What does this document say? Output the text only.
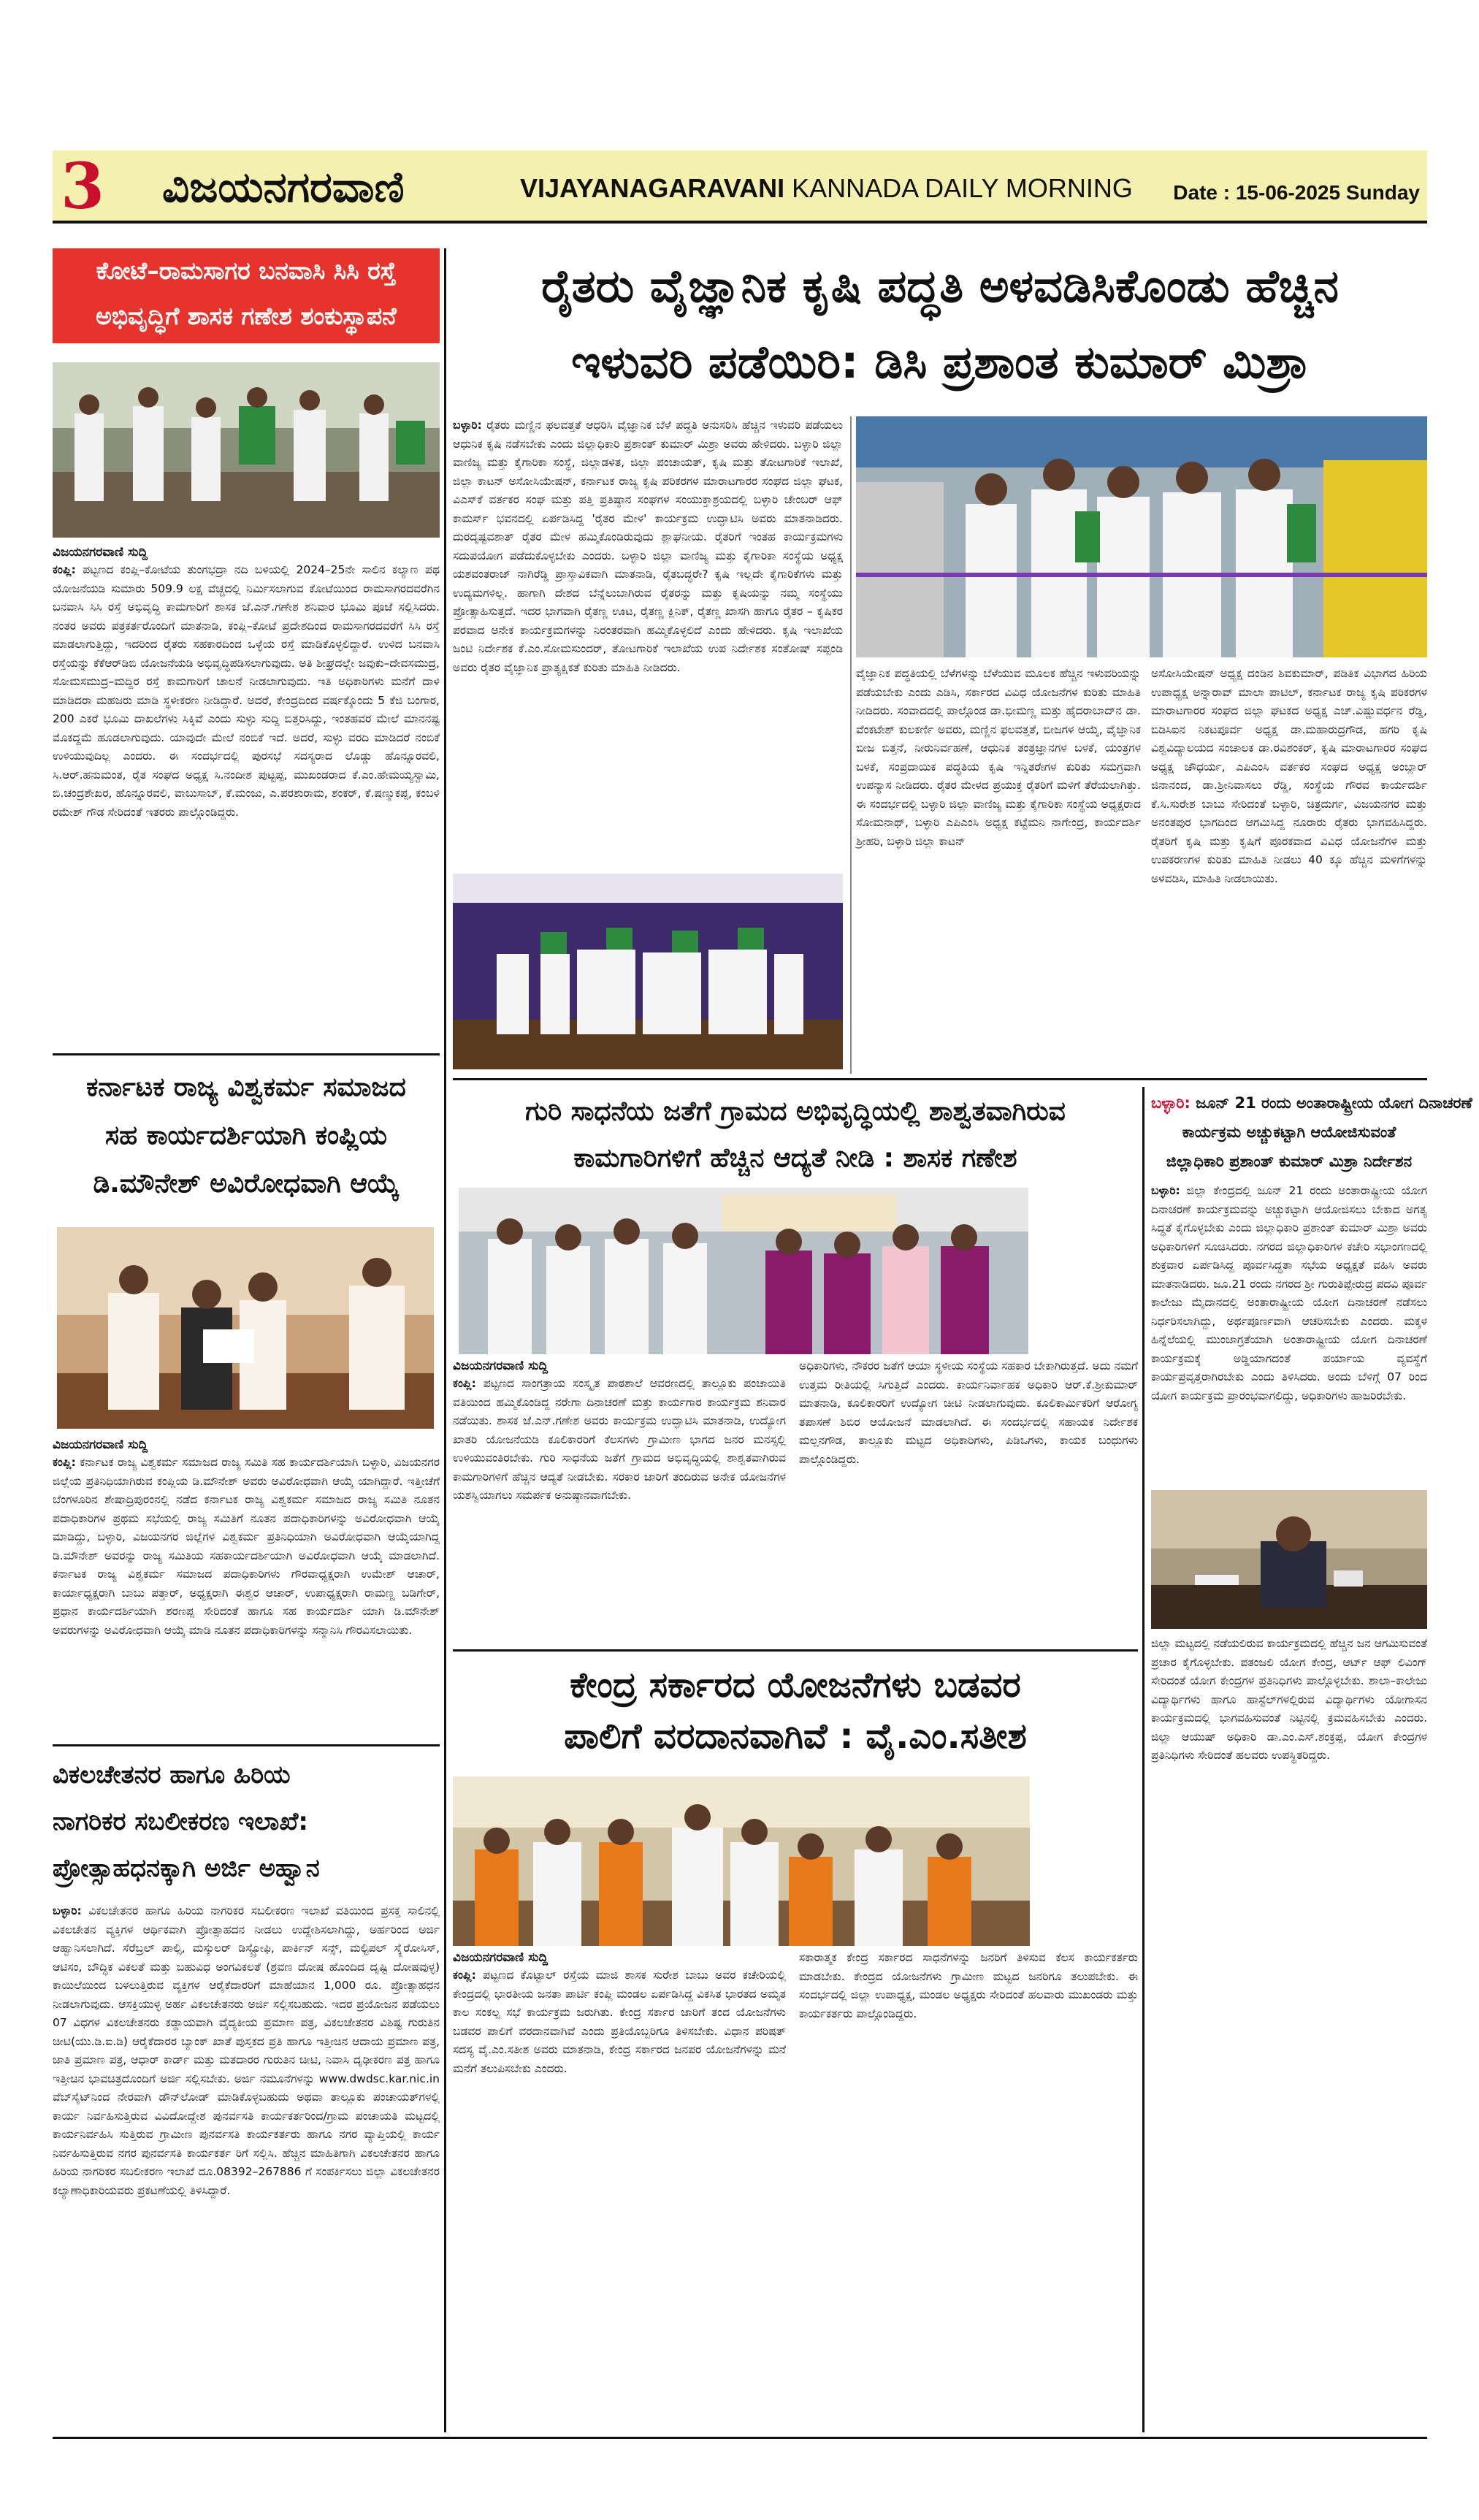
3 ವಿಜಯನಗರವಾಣಿ	VIJAYANAGARAVANI KANNADA DAILY MORNING Date : 15-06-2025 Sunday
ಕೋಟೆ–ರಾಮಸಾಗರ ಬನವಾಸಿ ಸಿಸಿ ರಸ್ತೆ
ಅಭಿವೃದ್ಧಿಗೆ ಶಾಸಕ ಗಣೇಶ ಶಂಕುಸ್ಥಾಪನೆ
ವಿಜಯನಗರವಾಣಿ ಸುದ್ದಿ
ಕಂಪ್ಲಿ: ಪಟ್ಟಣದ ಕಂಪ್ಲಿ–ಕೋಟೆಯ ತುಂಗಭದ್ರಾ ನದಿ ಬಳಿಯಲ್ಲಿ 2024–25ನೇ ಸಾಲಿನ ಕಲ್ಯಾಣ ಪಥ ಯೋಜನೆಯಡಿ ಸುಮಾರು 509.9 ಲಕ್ಷ ವೆಚ್ಚದಲ್ಲಿ ನಿರ್ಮಿಸಲಾಗುವ ಕೋಟೆಯಿಂದ ರಾಮಸಾಗರದವರೆಗಿನ ಬನವಾಸಿ ಸಿಸಿ ರಸ್ತೆ ಅಭಿವೃದ್ಧಿ ಕಾಮಗಾರಿಗೆ ಶಾಸಕ ಜೆ.ಎನ್.ಗಣೇಶ ಶನಿವಾರ ಭೂಮಿ ಪೂಜೆ ಸಲ್ಲಿಸಿದರು. ನಂತರ ಅವರು ಪತ್ರಕರ್ತರೊಂದಿಗೆ ಮಾತನಾಡಿ, ಕಂಪ್ಲಿ–ಕೋಟೆ ಪ್ರದೇಶದಿಂದ ರಾಮಸಾಗರದವರೆಗೆ ಸಿಸಿ ರಸ್ತೆ ಮಾಡಲಾಗುತ್ತಿದ್ದು, ಇದರಿಂದ ರೈತರು ಸಹಕಾರದಿಂದ ಒಳ್ಳೆಯ ರಸ್ತೆ ಮಾಡಿಕೊಳ್ಳಲಿದ್ದಾರೆ. ಉಳಿದ ಬನವಾಸಿ ರಸ್ತೆಯನ್ನು ಕೆಕೆಆರ್‌ಡಿಬಿ ಯೋಜನೆಯಡಿ ಅಭಿವೃದ್ಧಿಪಡಿಸಲಾಗುವುದು. ಅತಿ ಶೀಘ್ರದಲ್ಲೇ ಜವುಕು–ದೇವಸಮುದ್ರ, ಸೋಮಸಮುದ್ರ–ಮದ್ದಿರ ರಸ್ತೆ ಕಾಮಗಾರಿಗೆ ಚಾಲನೆ ನೀಡಲಾಗುವುದು. ಇತಿ ಅಧಿಕಾರಿಗಳು ಮನೆಗೆ ದಾಳಿ ಮಾಡಿದರಾ ಮಹಜರು ಮಾಡಿ ಸ್ಥಳೀಕರಣ ನೀಡಿದ್ದಾರೆ. ಅದರೆ, ಕೇಂದ್ರದಿಂದ ವರ್ಷಕ್ಕೊಂದು 5 ಕೆಜಿ ಬಂಗಾರ, 200 ಎಕರೆ ಭೂಮಿ ದಾಖಲೆಗಳು ಸಿಕ್ಕಿವೆ ಎಂದು ಸುಳ್ಳು ಸುದ್ದಿ ಬಿತ್ತರಿಸಿದ್ದು, ಇಂತಹವರ ಮೇಲೆ ಮಾನನಷ್ಟ ಮೊಕದ್ದಮೆ ಹೂಡಲಾಗುವುದು. ಯಾವುದೇ ಮೇಲೆ ನಂಬಿಕೆ ಇದೆ. ಅದರೆ, ಸುಳ್ಳು ವರದಿ ಮಾಡಿದರೆ ನಂಬಿಕೆ ಉಳಿಯುವುದಿಲ್ಲ ಎಂದರು. ಈ ಸಂದರ್ಭದಲ್ಲಿ ಪುರಸಭೆ ಸದಸ್ಯರಾದ ಲೊಡ್ಡು ಹೊನ್ನೂರವಲಿ, ಸಿ.ಆರ್.ಹನುಮಂತ, ರೈತ ಸಂಘದ ಅಧ್ಯಕ್ಷ ಸಿ.ನಂದೀಶ ಪುಟ್ಟಪ್ಪ, ಮುಖಂಡರಾದ ಕೆ.ಎಂ.ಹೇಮಯ್ಯಸ್ವಾಮಿ, ಬಿ.ಚಂದ್ರಶೇಖರ, ಹೊನ್ನೂರವಲಿ, ವಾಬುಸಾಬ್, ಕೆ.ಮಂಜು, ಎ.ಪರಶುರಾಮ, ಶಂಕರ್, ಕೆ.ಷಣ್ಮುಕಪ್ಪ, ಕಂಬಳಿ ರಮೇಶ್ ಗೌಡ ಸೇರಿದಂತೆ ಇತರರು ಪಾಲ್ಗೊಂಡಿದ್ದರು.
ಕರ್ನಾಟಕ ರಾಜ್ಯ ವಿಶ್ವಕರ್ಮ ಸಮಾಜದ
ಸಹ ಕಾರ್ಯದರ್ಶಿಯಾಗಿ ಕಂಪ್ಲಿಯ
ಡಿ.ಮೌನೇಶ್ ಅವಿರೋಧವಾಗಿ ಆಯ್ಕೆ
ವಿಜಯನಗರವಾಣಿ ಸುದ್ದಿ
ಕಂಪ್ಲಿ: ಕರ್ನಾಟಕ ರಾಜ್ಯ ವಿಶ್ವಕರ್ಮ ಸಮಾಜದ ರಾಜ್ಯ ಸಮಿತಿ ಸಹ ಕಾರ್ಯದರ್ಶಿಯಾಗಿ ಬಳ್ಳಾರಿ, ವಿಜಯನಗರ ಜಿಲ್ಲೆಯ ಪ್ರತಿನಿಧಿಯಾಗಿರುವ ಕಂಪ್ಲಿಯ ಡಿ.ಮೌನೇಶ್ ಅವರು ಅವಿರೋಧವಾಗಿ ಆಯ್ಕೆ ಯಾಗಿದ್ದಾರೆ. ಇತ್ತೀಚೆಗೆ ಬೆಂಗಳೂರಿನ ಶೇಷಾದ್ರಿಪುರಂನಲ್ಲಿ ನಡೆದ ಕರ್ನಾಟಕ ರಾಜ್ಯ ವಿಶ್ವಕರ್ಮ ಸಮಾಜದ ರಾಜ್ಯ ಸಮಿತಿ ನೂತನ ಪದಾಧಿಕಾರಿಗಳ ಪ್ರಥಮ ಸಭೆಯಲ್ಲಿ ರಾಜ್ಯ ಸಮಿತಿಗೆ ನೂತನ ಪದಾಧಿಕಾರಿಗಳನ್ನು ಅವಿರೋಧವಾಗಿ ಆಯ್ಕೆ ಮಾಡಿದ್ದು, ಬಳ್ಳಾರಿ, ವಿಜಯನಗರ ಜಿಲ್ಲೆಗಳ ವಿಶ್ವಕರ್ಮ ಪ್ರತಿನಿಧಿಯಾಗಿ ಅವಿರೋಧವಾಗಿ ಆಯ್ಕೆಯಾಗಿದ್ದ ಡಿ.ಮೌನೇಶ್ ಅವರನ್ನು ರಾಜ್ಯ ಸಮಿತಿಯ ಸಹಕಾರ್ಯದರ್ಶಿಯಾಗಿ ಅವಿರೋಧವಾಗಿ ಆಯ್ಕೆ ಮಾಡಲಾಗಿದೆ. ಕರ್ನಾಟಕ ರಾಜ್ಯ ವಿಶ್ವಕರ್ಮ ಸಮಾಜದ ಪದಾಧಿಕಾರಿಗಳು ಗೌರವಾಧ್ಯಕ್ಷರಾಗಿ ಉಮೇಶ್ ಆಚಾರ್, ಕಾರ್ಯಾಧ್ಯಕ್ಷರಾಗಿ ಬಾಬು ಪತ್ತಾರ್, ಅಧ್ಯಕ್ಷರಾಗಿ ಈಶ್ವರ ಆಚಾರ್, ಉಪಾಧ್ಯಕ್ಷರಾಗಿ ರಾಮಣ್ಣ ಬಡಿಗೇರ್, ಪ್ರಧಾನ ಕಾರ್ಯದರ್ಶಿಯಾಗಿ ಶರಣಪ್ಪ ಸೇರಿದಂತೆ ಹಾಗೂ ಸಹ ಕಾರ್ಯದರ್ಶಿ ಯಾಗಿ ಡಿ.ಮೌನೇಶ್ ಅವರುಗಳನ್ನು ಅವಿರೋಧವಾಗಿ ಆಯ್ಕೆ ಮಾಡಿ ನೂತನ ಪದಾಧಿಕಾರಿಗಳನ್ನು ಸನ್ಮಾನಿಸಿ ಗೌರವಿಸಲಾಯಿತು.
ವಿಕಲಚೇತನರ ಹಾಗೂ ಹಿರಿಯ
ನಾಗರಿಕರ ಸಬಲೀಕರಣ ಇಲಾಖೆ:
ಪ್ರೋತ್ಸಾಹಧನಕ್ಕಾಗಿ ಅರ್ಜಿ ಅಹ್ವಾನ
ಬಳ್ಳಾರಿ: ವಿಕಲಚೇತನರ ಹಾಗೂ ಹಿರಿಯ ನಾಗರಿಕರ ಸಬಲೀಕರಣ ಇಲಾಖೆ ವತಿಯಿಂದ ಪ್ರಸಕ್ತ ಸಾಲಿನಲ್ಲಿ ವಿಕಲಚೇತನ ವ್ಯಕ್ತಿಗಳ ಆರ್ಥಿಕವಾಗಿ ಪ್ರೋತ್ಸಾಹದನ ನೀಡಲು ಉದ್ದೇಶಿಸಲಾಗಿದ್ದು, ಅರ್ಹರಿಂದ ಅರ್ಜಿ ಆಹ್ವಾನಿಸಲಾಗಿದೆ. ಸೆರೆಬ್ರಲ್ ಪಾಲ್ಸಿ, ಮಸ್ಕುಲರ್ ಡಿಸ್ಟ್ರೋಫಿ, ಪಾರ್ಕಿನ್ ಸನ್ಸ್, ಮಲ್ಟಿಪಲ್ ಸ್ಕ್ಲೆರೋಸಿಸ್, ಆಟಿಸಂ, ಬೌದ್ಧಿಕ ವಿಕಲತೆ ಮತ್ತು ಬಹುವಿಧ ಅಂಗವಿಕಲತೆ (ಶ್ರವಣ ದೋಷ ಹೊಂದಿದ ದೃಷ್ಟಿ ದೋಷವುಳ್ಳ) ಕಾಯಿಲೆಯಿಂದ ಬಳಲುತ್ತಿರುವ ವ್ಯಕ್ತಿಗಳ ಆರೈಕೆದಾರರಿಗೆ ಮಾಹೆಯಾನ 1,000 ರೂ. ಪ್ರೋತ್ಸಾಹಧನ ನೀಡಲಾಗುವುದು. ಆಸಕ್ತಿಯುಳ್ಳ ಅರ್ಹ ವಿಕಲಚೇತನರು ಅರ್ಜಿ ಸಲ್ಲಿಸಬಹುದು. ಇದರ ಪ್ರಯೋಜನ ಪಡೆಯಲು 07 ವಿಧಗಳ ವಿಕಲಚೇತನರು ಕಡ್ಡಾಯವಾಗಿ ವೈದ್ಯಕೀಯ ಪ್ರಮಾಣ ಪತ್ರ, ವಿಕಲಚೇತನರ ವಿಶಿಷ್ಟ ಗುರುತಿನ ಚೀಟಿ(ಯು.ಡಿ.ಐ.ಡಿ) ಆರೈಕೆದಾರರ ಬ್ಯಾಂಕ್ ಖಾತೆ ಪುಸ್ತಕದ ಪ್ರತಿ ಹಾಗೂ ಇತ್ತೀಚಿನ ಆದಾಯ ಪ್ರಮಾಣ ಪತ್ರ, ಜಾತಿ ಪ್ರಮಾಣ ಪತ್ರ, ಆಧಾರ್ ಕಾರ್ಡ್ ಮತ್ತು ಮತದಾರರ ಗುರುತಿನ ಚೀಟಿ, ನಿವಾಸಿ ದೃಢೀಕರಣ ಪತ್ರ ಹಾಗೂ ಇತ್ತೀಚಿನ ಭಾವಚಿತ್ರದೊಂದಿಗೆ ಅರ್ಜಿ ಸಲ್ಲಿಸಬೇಕು. ಅರ್ಜಿ ನಮೂನೆಗಳನ್ನು www.dwdsc.kar.nic.in ವೆಬ್‌ಸೈಟ್‌ನಿಂದ ನೇರವಾಗಿ ಡೌನ್‌ಲೋಡ್ ಮಾಡಿಕೊಳ್ಳಬಹುದು ಅಥವಾ ತಾಲ್ಲೂಕು ಪಂಚಾಯತ್‌ಗಳಲ್ಲಿ ಕಾರ್ಯ ನಿರ್ವಹಿಸುತ್ತಿರುವ ವಿವಿದೋದ್ದೇಶ ಪುನರ್ವಸತಿ ಕಾರ್ಯಕರ್ತರಿಂದ/ಗ್ರಾಮ ಪಂಚಾಯತಿ ಮಟ್ಟದಲ್ಲಿ ಕಾರ್ಯನಿರ್ವಹಿಸಿ ಸುತ್ತಿರುವ ಗ್ರಾಮೀಣ ಪುನರ್ವಸತಿ ಕಾರ್ಯಕರ್ತರು ಹಾಗೂ ನಗರ ವ್ಯಾಪ್ತಿಯಲ್ಲಿ ಕಾರ್ಯ ನಿರ್ವಹಿಸುತ್ತಿರುವ ನಗರ ಪುನರ್ವಸತಿ ಕಾರ್ಯಕರ್ತ ರಿಗೆ ಸಲ್ಲಿಸಿ. ಹೆಚ್ಚಿನ ಮಾಹಿತಿಗಾಗಿ ವಿಕಲಚೇತನರ ಹಾಗೂ ಹಿರಿಯ ನಾಗರಿಕರ ಸಬಲೀಕರಣ ಇಲಾಖೆ ದೂ.08392–267886 ಗೆ ಸಂಪರ್ಕಿಸಲು ಜಿಲ್ಲಾ ವಿಕಲಚೇತನರ ಕಲ್ಯಾಣಾಧಿಕಾರಿಯವರು ಪ್ರಕಟಣೆಯಲ್ಲಿ ತಿಳಿಸಿದ್ದಾರೆ.
ರೈತರು ವೈಜ್ಞಾನಿಕ ಕೃಷಿ ಪದ್ಧತಿ ಅಳವಡಿಸಿಕೊಂಡು ಹೆಚ್ಚಿನ
ಇಳುವರಿ ಪಡೆಯಿರಿ: ಡಿಸಿ ಪ್ರಶಾಂತ ಕುಮಾರ್ ಮಿಶ್ರಾ
ಬಳ್ಳಾರಿ: ರೈತರು ಮಣ್ಣಿನ ಫಲವತ್ತತೆ ಆಧರಿಸಿ ವೈಜ್ಞಾನಿಕ ಬೆಳೆ ಪದ್ಧತಿ ಅನುಸರಿಸಿ ಹೆಚ್ಚಿನ ಇಳುವರಿ ಪಡೆಯಲು ಆಧುನಿಕ ಕೃಷಿ ನಡೆಸಬೇಕು ಎಂದು ಜಿಲ್ಲಾಧಿಕಾರಿ ಪ್ರಶಾಂತ್ ಕುಮಾರ್ ಮಿಶ್ರಾ ಅವರು ಹೇಳಿದರು. ಬಳ್ಳಾರಿ ಜಿಲ್ಲಾ ವಾಣಿಜ್ಯ ಮತ್ತು ಕೈಗಾರಿಕಾ ಸಂಸ್ಥೆ, ಜಿಲ್ಲಾಡಳಿತ, ಜಿಲ್ಲಾ ಪಂಚಾಯತ್, ಕೃಷಿ ಮತ್ತು ತೋಟಗಾರಿಕೆ ಇಲಾಖೆ, ಜಿಲ್ಲಾ ಕಾಟನ್ ಅಸೋಸಿಯೇಷನ್, ಕರ್ನಾಟಕ ರಾಜ್ಯ ಕೃಷಿ ಪರಿಕರಗಳ ಮಾರಾಟಗಾರರ ಸಂಘದ ಜಿಲ್ಲಾ ಘಟಕ, ವಿಎಸ್‌ಕೆ ವರ್ತಕರ ಸಂಘ ಮತ್ತು ಪತ್ತಿ ಪ್ರತಿಷ್ಠಾನ ಸಂಘಗಳ ಸಂಯುಕ್ತಾಶ್ರಯದಲ್ಲಿ ಬಳ್ಳಾರಿ ಚೇಂಬರ್ ಆಫ್ ಕಾಮರ್ಸ್ ಭವನದಲ್ಲಿ ಏರ್ಪಡಿಸಿದ್ದ 'ರೈತರ ಮೇಳ' ಕಾರ್ಯಕ್ರಮ ಉದ್ಘಾಟಿಸಿ ಅವರು ಮಾತನಾಡಿದರು. ದುರದೃಷ್ಟವಶಾತ್ ರೈತರ ಮೇಳ ಹಮ್ಮಿಕೊಂಡಿರುವುದು ಶ್ಲಾಘನೀಯ. ರೈತರಿಗೆ ಇಂತಹ ಕಾರ್ಯಕ್ರಮಗಳು ಸದುಪಯೋಗ ಪಡೆದುಕೊಳ್ಳಬೇಕು ಎಂದರು. ಬಳ್ಳಾರಿ ಜಿಲ್ಲಾ ವಾಣಿಜ್ಯ ಮತ್ತು ಕೈಗಾರಿಕಾ ಸಂಸ್ಥೆಯ ಅಧ್ಯಕ್ಷ ಯಶವಂತರಾಜ್ ನಾಗಿರೆಡ್ಡಿ ಪ್ರಾಸ್ತಾವಿಕವಾಗಿ ಮಾತನಾಡಿ, ರೈತಬದ್ಧರೇ? ಕೃಷಿ ಇಲ್ಲದೇ ಕೈಗಾರಿಕೆಗಳು ಮತ್ತು ಉದ್ಯಮಗಳಿಲ್ಲ. ಹಾಗಾಗಿ ದೇಶದ ಬೆನ್ನೆಲುಬಾಗಿರುವ ರೈತರನ್ನು ಮತ್ತು ಕೃಷಿಯನ್ನು ನಮ್ಮ ಸಂಸ್ಥೆಯು ಪ್ರೋತ್ಸಾಹಿಸುತ್ತದೆ. ಇದರ ಭಾಗವಾಗಿ ರೈತಣ್ಣ ಊಟ, ರೈತಣ್ಣ ಕ್ಲಿನಿಕ್, ರೈತಣ್ಣ ಖಾಸಗಿ ಹಾಗೂ ರೈತರ – ಕೃಷಿಕರ ಪರವಾದ ಅನೇಕ ಕಾರ್ಯಕ್ರಮಗಳನ್ನು ನಿರಂತರವಾಗಿ ಹಮ್ಮಿಕೊಳ್ಳಲಿದೆ ಎಂದು ಹೇಳಿದರು. ಕೃಷಿ ಇಲಾಖೆಯ ಜಂಟಿ ನಿರ್ದೇಶಕ ಕೆ.ಎಂ.ಸೋಮಸುಂದರ್, ತೋಟಗಾರಿಕೆ ಇಲಾಖೆಯ ಉಪ ನಿರ್ದೇಶಕ ಸಂತೋಷ್ ಸಪ್ಪಂಡಿ ಅವರು ರೈತರ ವೈಜ್ಞಾನಿಕ ಪ್ರಾತ್ಯಕ್ಷಿಕತೆ ಕುರಿತು ಮಾಹಿತಿ ನೀಡಿದರು.	ವೈಜ್ಞಾನಿಕ ಪದ್ಧತಿಯಲ್ಲಿ ಬೆಳೆಗಳನ್ನು ಬೆಳೆಯುವ ಮೂಲಕ ಹೆಚ್ಚಿನ ಇಳುವರಿಯನ್ನು ಪಡೆಯಬೇಕು ಎಂದು ಎಡಿಸಿ, ಸರ್ಕಾರದ ವಿವಿಧ ಯೋಜನೆಗಳ ಕುರಿತು ಮಾಹಿತಿ ನೀಡಿದರು. ಸಂವಾದದಲ್ಲಿ ಪಾಲ್ಗೊಂಡ ಡಾ.ಭೀಮಣ್ಣ ಮತ್ತು ಹೈದರಾಬಾದ್‌ನ ಡಾ. ವೆಂಕಟೇಶ್ ಕುಲಕರ್ಣಿ ಅವರು, ಮಣ್ಣಿನ ಫಲವತ್ತತೆ, ಬೀಜಗಳ ಆಯ್ಕೆ, ವೈಜ್ಞಾನಿಕ ಬೀಜ ಬಿತ್ತನೆ, ನೀರುನಿರ್ವಹಣೆ, ಆಧುನಿಕ ತಂತ್ರಜ್ಞಾನಗಳ ಬಳಕೆ, ಯಂತ್ರಗಳ ಬಳಕೆ, ಸಂಪ್ರದಾಯಿಕ ಪದ್ಧತಿಯ ಕೃಷಿ ಇನ್ನಿತರೇಗಳ ಕುರಿತು ಸಮಗ್ರವಾಗಿ ಉಪನ್ಯಾಸ ನೀಡಿದರು. ರೈತರ ಮೇಳದ ಪ್ರಯುಕ್ತ ರೈತರಿಗೆ ಮಳಿಗೆ ತೆರೆಯಲಾಗಿತ್ತು. ಈ ಸಂದರ್ಭದಲ್ಲಿ ಬಳ್ಳಾರಿ ಜಿಲ್ಲಾ ವಾಣಿಜ್ಯ ಮತ್ತು ಕೈಗಾರಿಕಾ ಸಂಸ್ಥೆಯ ಅಧ್ಯಕ್ಷರಾದ ಸೋಮನಾಥ್, ಬಳ್ಳಾರಿ ಎಪಿಎಂಸಿ ಅಧ್ಯಕ್ಷ ಕಟ್ಟೆಮನಿ ನಾಗೇಂದ್ರ, ಕಾರ್ಯದರ್ಶಿ ಶ್ರೀಹರಿ, ಬಳ್ಳಾರಿ ಜಿಲ್ಲಾ ಕಾಟನ್
ಅಸೋಸಿಯೇಷನ್ ಅಧ್ಯಕ್ಷ ದಂಡಿನ ಶಿವಕುಮಾರ್, ಪಡಿತಿಕ ವಿಭಾಗದ ಹಿರಿಯ ಉಪಾಧ್ಯಕ್ಷ ಅನ್ನಾರಾವ್ ಮಾಲಾ ಪಾಟಿಲ್, ಕರ್ನಾಟಕ ರಾಜ್ಯ ಕೃಷಿ ಪರಿಕರಗಳ ಮಾರಾಟಗಾರರ ಸಂಘದ ಜಿಲ್ಲಾ ಘಟಕದ ಅಧ್ಯಕ್ಷ ಎಚ್.ವಿಷ್ಣುವರ್ಧನ ರೆಡ್ಡಿ, ಬಿಡಿಸಿಐನ ನಿಕಟಪೂರ್ವ ಅಧ್ಯಕ್ಷ ಡಾ.ಮಹಾರುದ್ರಗೌಡ, ಹಗರಿ ಕೃಷಿ ವಿಶ್ವವಿದ್ಯಾಲಯದ ಸಂಚಾಲಕ ಡಾ.ರವಿಶಂಕರ್, ಕೃಷಿ ಮಾರಾಟಗಾರರ ಸಂಘದ ಅಧ್ಯಕ್ಷ ಚೌಧರ್ಯ, ಎಪಿಎಂಸಿ ವರ್ತಕರ ಸಂಘದ ಅಧ್ಯಕ್ಷ ಅಂಬ್ಲಾರ್ ಜಿನಾನಂದ, ಡಾ.ಶ್ರೀನಿವಾಸಲು ರೆಡ್ಡಿ, ಸಂಸ್ಥೆಯ ಗೌರವ ಕಾರ್ಯದರ್ಶಿ ಕೆ.ಸಿ.ಸುರೇಶ ಬಾಬು ಸೇರಿದಂತೆ ಬಳ್ಳಾರಿ, ಚಿತ್ರದುರ್ಗ, ವಿಜಯನಗರ ಮತ್ತು ಅನಂತಪುರ ಭಾಗದಿಂದ ಆಗಮಿಸಿದ್ದ ನೂರಾರು ರೈತರು ಭಾಗವಹಿಸಿದ್ದರು. ರೈತರಿಗೆ ಕೃಷಿ ಮತ್ತು ಕೃಷಿಗೆ ಪೂರಕವಾದ ವಿವಿಧ ಯೋಜನೆಗಳ ಮತ್ತು ಉಪಕರಣಗಳ ಕುರಿತು ಮಾಹಿತಿ ನೀಡಲು 40 ಕ್ಕೂ ಹೆಚ್ಚಿನ ಮಳಿಗೆಗಳನ್ನು ಅಳವಡಿಸಿ, ಮಾಹಿತಿ ನೀಡಲಾಯಿತು.
ಗುರಿ ಸಾಧನೆಯ ಜತೆಗೆ ಗ್ರಾಮದ ಅಭಿವೃದ್ಧಿಯಲ್ಲಿ ಶಾಶ್ವತವಾಗಿರುವ
ಕಾಮಗಾರಿಗಳಿಗೆ ಹೆಚ್ಚಿನ ಆದ್ಯತೆ ನೀಡಿ : ಶಾಸಕ ಗಣೇಶ
ವಿಜಯನಗರವಾಣಿ ಸುದ್ದಿ
ಕಂಪ್ಲಿ: ಪಟ್ಟಣದ ಸಾಂಗತ್ರಾಯ ಸಂಸ್ಕೃತ ಪಾಠಶಾಲೆ ಆವರಣದಲ್ಲಿ ತಾಲ್ಲೂಕು ಪಂಚಾಯಿತಿ ವತಿಯಿಂದ ಹಮ್ಮಿಕೊಂಡಿದ್ದ ನರೇಗಾ ದಿನಾಚರಣೆ ಮತ್ತು ಕಾರ್ಯಗಾರ ಕಾರ್ಯಕ್ರಮ ಶನಿವಾರ ನಡೆಯಿತು. ಶಾಸಕ ಜೆ.ಎನ್.ಗಣೇಶ ಅವರು ಕಾರ್ಯಕ್ರಮ ಉದ್ಘಾಟಿಸಿ ಮಾತನಾಡಿ, ಉದ್ಯೋಗ ಖಾತರಿ ಯೋಜನೆಯಡಿ ಕೂಲಿಕಾರರಿಗೆ ಕೆಲಸಗಳು ಗ್ರಾಮೀಣ ಭಾಗದ ಜನರ ಮನಸ್ಸಲ್ಲಿ ಉಳಿಯುವಂತಿರಬೇಕು. ಗುರಿ ಸಾಧನೆಯ ಜತೆಗೆ ಗ್ರಾಮದ ಅಭಿವೃದ್ಧಿಯಲ್ಲಿ ಶಾಶ್ವತವಾಗಿರುವ ಕಾಮಗಾರಿಗಳಿಗೆ ಹೆಚ್ಚಿನ ಆದ್ಯತೆ ನೀಡಬೇಕು. ಸರಕಾರ ಜಾರಿಗೆ ತಂದಿರುವ ಅನೇಕ ಯೋಜನೆಗಳ ಯಶಸ್ವಿಯಾಗಲು ಸಮರ್ಪಕ ಅನುಷ್ಠಾನವಾಗಬೇಕು.
ಅಧಿಕಾರಿಗಳು, ನೌಕರರ ಜತೆಗೆ ಆಯಾ ಸ್ಥಳೀಯ ಸಂಸ್ಥೆಯ ಸಹಕಾರ ಬೇಕಾಗಿರುತ್ತದೆ. ಅದು ನಮಗೆ ಉತ್ತಮ ರೀತಿಯಲ್ಲಿ ಸಿಗುತ್ತಿದೆ ಎಂದರು. ಕಾರ್ಯನಿರ್ವಾಹಕ ಅಧಿಕಾರಿ ಆರ್.ಕೆ.ಶ್ರೀಕುಮಾರ್ ಮಾತನಾಡಿ, ಕೂಲಿಕಾರರಿಗೆ ಉದ್ಯೋಗ ಚೀಟಿ ನೀಡಲಾಗುವುದು. ಕೂಲಿಕಾರ್ಮಿಕರಿಗೆ ಆರೋಗ್ಯ ತಪಾಸಣೆ ಶಿಬಿರ ಆಯೋಜನೆ ಮಾಡಲಾಗಿದೆ. ಈ ಸಂದರ್ಭದಲ್ಲಿ ಸಹಾಯಕ ನಿರ್ದೇಶಕ ಮಲ್ಲನಗೌಡ, ತಾಲ್ಲೂಕು ಮಟ್ಟದ ಅಧಿಕಾರಿಗಳು, ಪಿಡಿಒಗಳು, ಕಾಯಕ ಬಂಧುಗಳು ಪಾಲ್ಗೊಂಡಿದ್ದರು.
ಕೇಂದ್ರ ಸರ್ಕಾರದ ಯೋಜನೆಗಳು ಬಡವರ
ಪಾಲಿಗೆ ವರದಾನವಾಗಿವೆ : ವೈ.ಎಂ.ಸತೀಶ
ವಿಜಯನಗರವಾಣಿ ಸುದ್ದಿ
ಕಂಪ್ಲಿ: ಪಟ್ಟಣದ ಕೊಟ್ಟಾಲ್ ರಸ್ತೆಯ ಮಾಜಿ ಶಾಸಕ ಸುರೇಶ ಬಾಬು ಅವರ ಕಚೇರಿಯಲ್ಲಿ ಕೇಂದ್ರದಲ್ಲಿ ಭಾರತೀಯ ಜನತಾ ಪಾರ್ಟಿ ಕಂಪ್ಲಿ ಮಂಡಲ ಏರ್ಪಡಿಸಿದ್ದ ವಿಕಸಿತ ಭಾರತದ ಅಮೃತ ಕಾಲ ಸಂಕಲ್ಪ ಸಭೆ ಕಾರ್ಯಕ್ರಮ ಜರುಗಿತು. ಕೇಂದ್ರ ಸರ್ಕಾರ ಜಾರಿಗೆ ತಂದ ಯೋಜನೆಗಳು ಬಡವರ ಪಾಲಿಗೆ ವರದಾನವಾಗಿವೆ ಎಂದು ಪ್ರತಿಯೊಬ್ಬರಿಗೂ ತಿಳಿಸಬೇಕು. ವಿಧಾನ ಪರಿಷತ್ ಸದಸ್ಯ ವೈ.ಎಂ.ಸತೀಶ ಅವರು ಮಾತನಾಡಿ, ಕೇಂದ್ರ ಸರ್ಕಾರದ ಜನಪರ ಯೋಜನೆಗಳನ್ನು ಮನೆ ಮನೆಗೆ ತಲುಪಿಸಬೇಕು ಎಂದರು.
ಸಕಾರಾತ್ಮಕ ಕೇಂದ್ರ ಸರ್ಕಾರದ ಸಾಧನೆಗಳನ್ನು ಜನರಿಗೆ ತಿಳಿಸುವ ಕೆಲಸ ಕಾರ್ಯಕರ್ತರು ಮಾಡಬೇಕು. ಕೇಂದ್ರದ ಯೋಜನೆಗಳು ಗ್ರಾಮೀಣ ಮಟ್ಟದ ಜನರಿಗೂ ತಲುಪಬೇಕು. ಈ ಸಂದರ್ಭದಲ್ಲಿ ಜಿಲ್ಲಾ ಉಪಾಧ್ಯಕ್ಷ, ಮಂಡಲ ಅಧ್ಯಕ್ಷರು ಸೇರಿದಂತೆ ಹಲವಾರು ಮುಖಂಡರು ಮತ್ತು ಕಾರ್ಯಕರ್ತರು ಪಾಲ್ಗೊಂಡಿದ್ದರು.
ಬಳ್ಳಾರಿ: ಜೂನ್ 21 ರಂದು ಅಂತಾರಾಷ್ಟ್ರೀಯ ಯೋಗ ದಿನಾಚರಣೆ
ಕಾರ್ಯಕ್ರಮ ಅಚ್ಚುಕಟ್ಟಾಗಿ ಆಯೋಜಿಸುವಂತೆ
ಜಿಲ್ಲಾಧಿಕಾರಿ ಪ್ರಶಾಂತ್ ಕುಮಾರ್ ಮಿಶ್ರಾ ನಿರ್ದೇಶನ
ಬಳ್ಳಾರಿ: ಜಿಲ್ಲಾ ಕೇಂದ್ರದಲ್ಲಿ ಜೂನ್ 21 ರಂದು ಅಂತಾರಾಷ್ಟ್ರೀಯ ಯೋಗ ದಿನಾಚರಣೆ ಕಾರ್ಯಕ್ರಮವನ್ನು ಅಚ್ಚುಕಟ್ಟಾಗಿ ಆಯೋಜಿಸಲು ಬೇಕಾದ ಅಗತ್ಯ ಸಿದ್ಧತೆ ಕೈಗೊಳ್ಳಬೇಕು ಎಂದು ಜಿಲ್ಲಾಧಿಕಾರಿ ಪ್ರಶಾಂತ್ ಕುಮಾರ್ ಮಿಶ್ರಾ ಅವರು ಅಧಿಕಾರಿಗಳಿಗೆ ಸೂಚಿಸಿದರು. ನಗರದ ಜಿಲ್ಲಾಧಿಕಾರಿಗಳ ಕಚೇರಿ ಸಭಾಂಗಣದಲ್ಲಿ ಶುಕ್ರವಾರ ಏರ್ಪಡಿಸಿದ್ದ ಪೂರ್ವಸಿದ್ಧತಾ ಸಭೆಯ ಅಧ್ಯಕ್ಷತೆ ವಹಿಸಿ ಅವರು ಮಾತನಾಡಿದರು. ಜೂ.21 ರಂದು ನಗರದ ಶ್ರೀ ಗುರುತಿಪ್ಪೇರುದ್ರ ಪದವಿ ಪೂರ್ವ ಕಾಲೇಜು ಮೈದಾನದಲ್ಲಿ ಅಂತಾರಾಷ್ಟ್ರೀಯ ಯೋಗ ದಿನಾಚರಣೆ ನಡೆಸಲು ನಿರ್ಧರಿಸಲಾಗಿದ್ದು, ಅರ್ಥಪೂರ್ಣವಾಗಿ ಆಚರಿಸಬೇಕು ಎಂದರು. ಮಕ್ಕಳ ಹಿನ್ನೆಲೆಯಲ್ಲಿ ಮುಂಜಾಗ್ರತೆಯಾಗಿ ಅಂತಾರಾಷ್ಟ್ರೀಯ ಯೋಗ ದಿನಾಚರಣೆ ಕಾರ್ಯಕ್ರಮಕ್ಕೆ ಅಡ್ಡಿಯಾಗದಂತೆ ಪರ್ಯಾಯ ವ್ಯವಸ್ಥೆಗೆ ಕಾರ್ಯಪ್ರವೃತ್ತರಾಗಿರಬೇಕು ಎಂದು ತಿಳಿಸಿದರು. ಅಂದು ಬೆಳಿಗ್ಗೆ 07 ರಿಂದ ಯೋಗ ಕಾರ್ಯಕ್ರಮ ಪ್ರಾರಂಭವಾಗಲಿದ್ದು, ಅಧಿಕಾರಿಗಳು ಹಾಜರಿರಬೇಕು.
ಜಿಲ್ಲಾ ಮಟ್ಟದಲ್ಲಿ ನಡೆಯಲಿರುವ ಕಾರ್ಯಕ್ರಮದಲ್ಲಿ ಹೆಚ್ಚಿನ ಜನ ಆಗಮಿಸುವಂತೆ ಪ್ರಚಾರ ಕೈಗೊಳ್ಳಬೇಕು. ಪತಂಜಲಿ ಯೋಗ ಕೇಂದ್ರ, ಆರ್ಟ್ ಆಫ್ ಲಿವಿಂಗ್ ಸೇರಿದಂತೆ ಯೋಗ ಕೇಂದ್ರಗಳ ಪ್ರತಿನಿಧಿಗಳು ಪಾಲ್ಗೊಳ್ಳಬೇಕು. ಶಾಲಾ–ಕಾಲೇಜು ವಿದ್ಯಾರ್ಥಿಗಳು ಹಾಗೂ ಹಾಸ್ಟೆಲ್‌ಗಳಲ್ಲಿರುವ ವಿದ್ಯಾರ್ಥಿಗಳು ಯೋಗಾಸನ ಕಾರ್ಯಕ್ರಮದಲ್ಲಿ ಭಾಗವಹಿಸುವಂತೆ ನಿಟ್ಟಿನಲ್ಲಿ ಕ್ರಮವಹಿಸಬೇಕು ಎಂದರು. ಜಿಲ್ಲಾ ಆಯುಷ್ ಅಧಿಕಾರಿ ಡಾ.ಎಂ.ಎಸ್.ಶಂಕ್ರಪ್ಪ, ಯೋಗ ಕೇಂದ್ರಗಳ ಪ್ರತಿನಿಧಿಗಳು ಸೇರಿದಂತೆ ಹಲವರು ಉಪಸ್ಥಿತರಿದ್ದರು.
